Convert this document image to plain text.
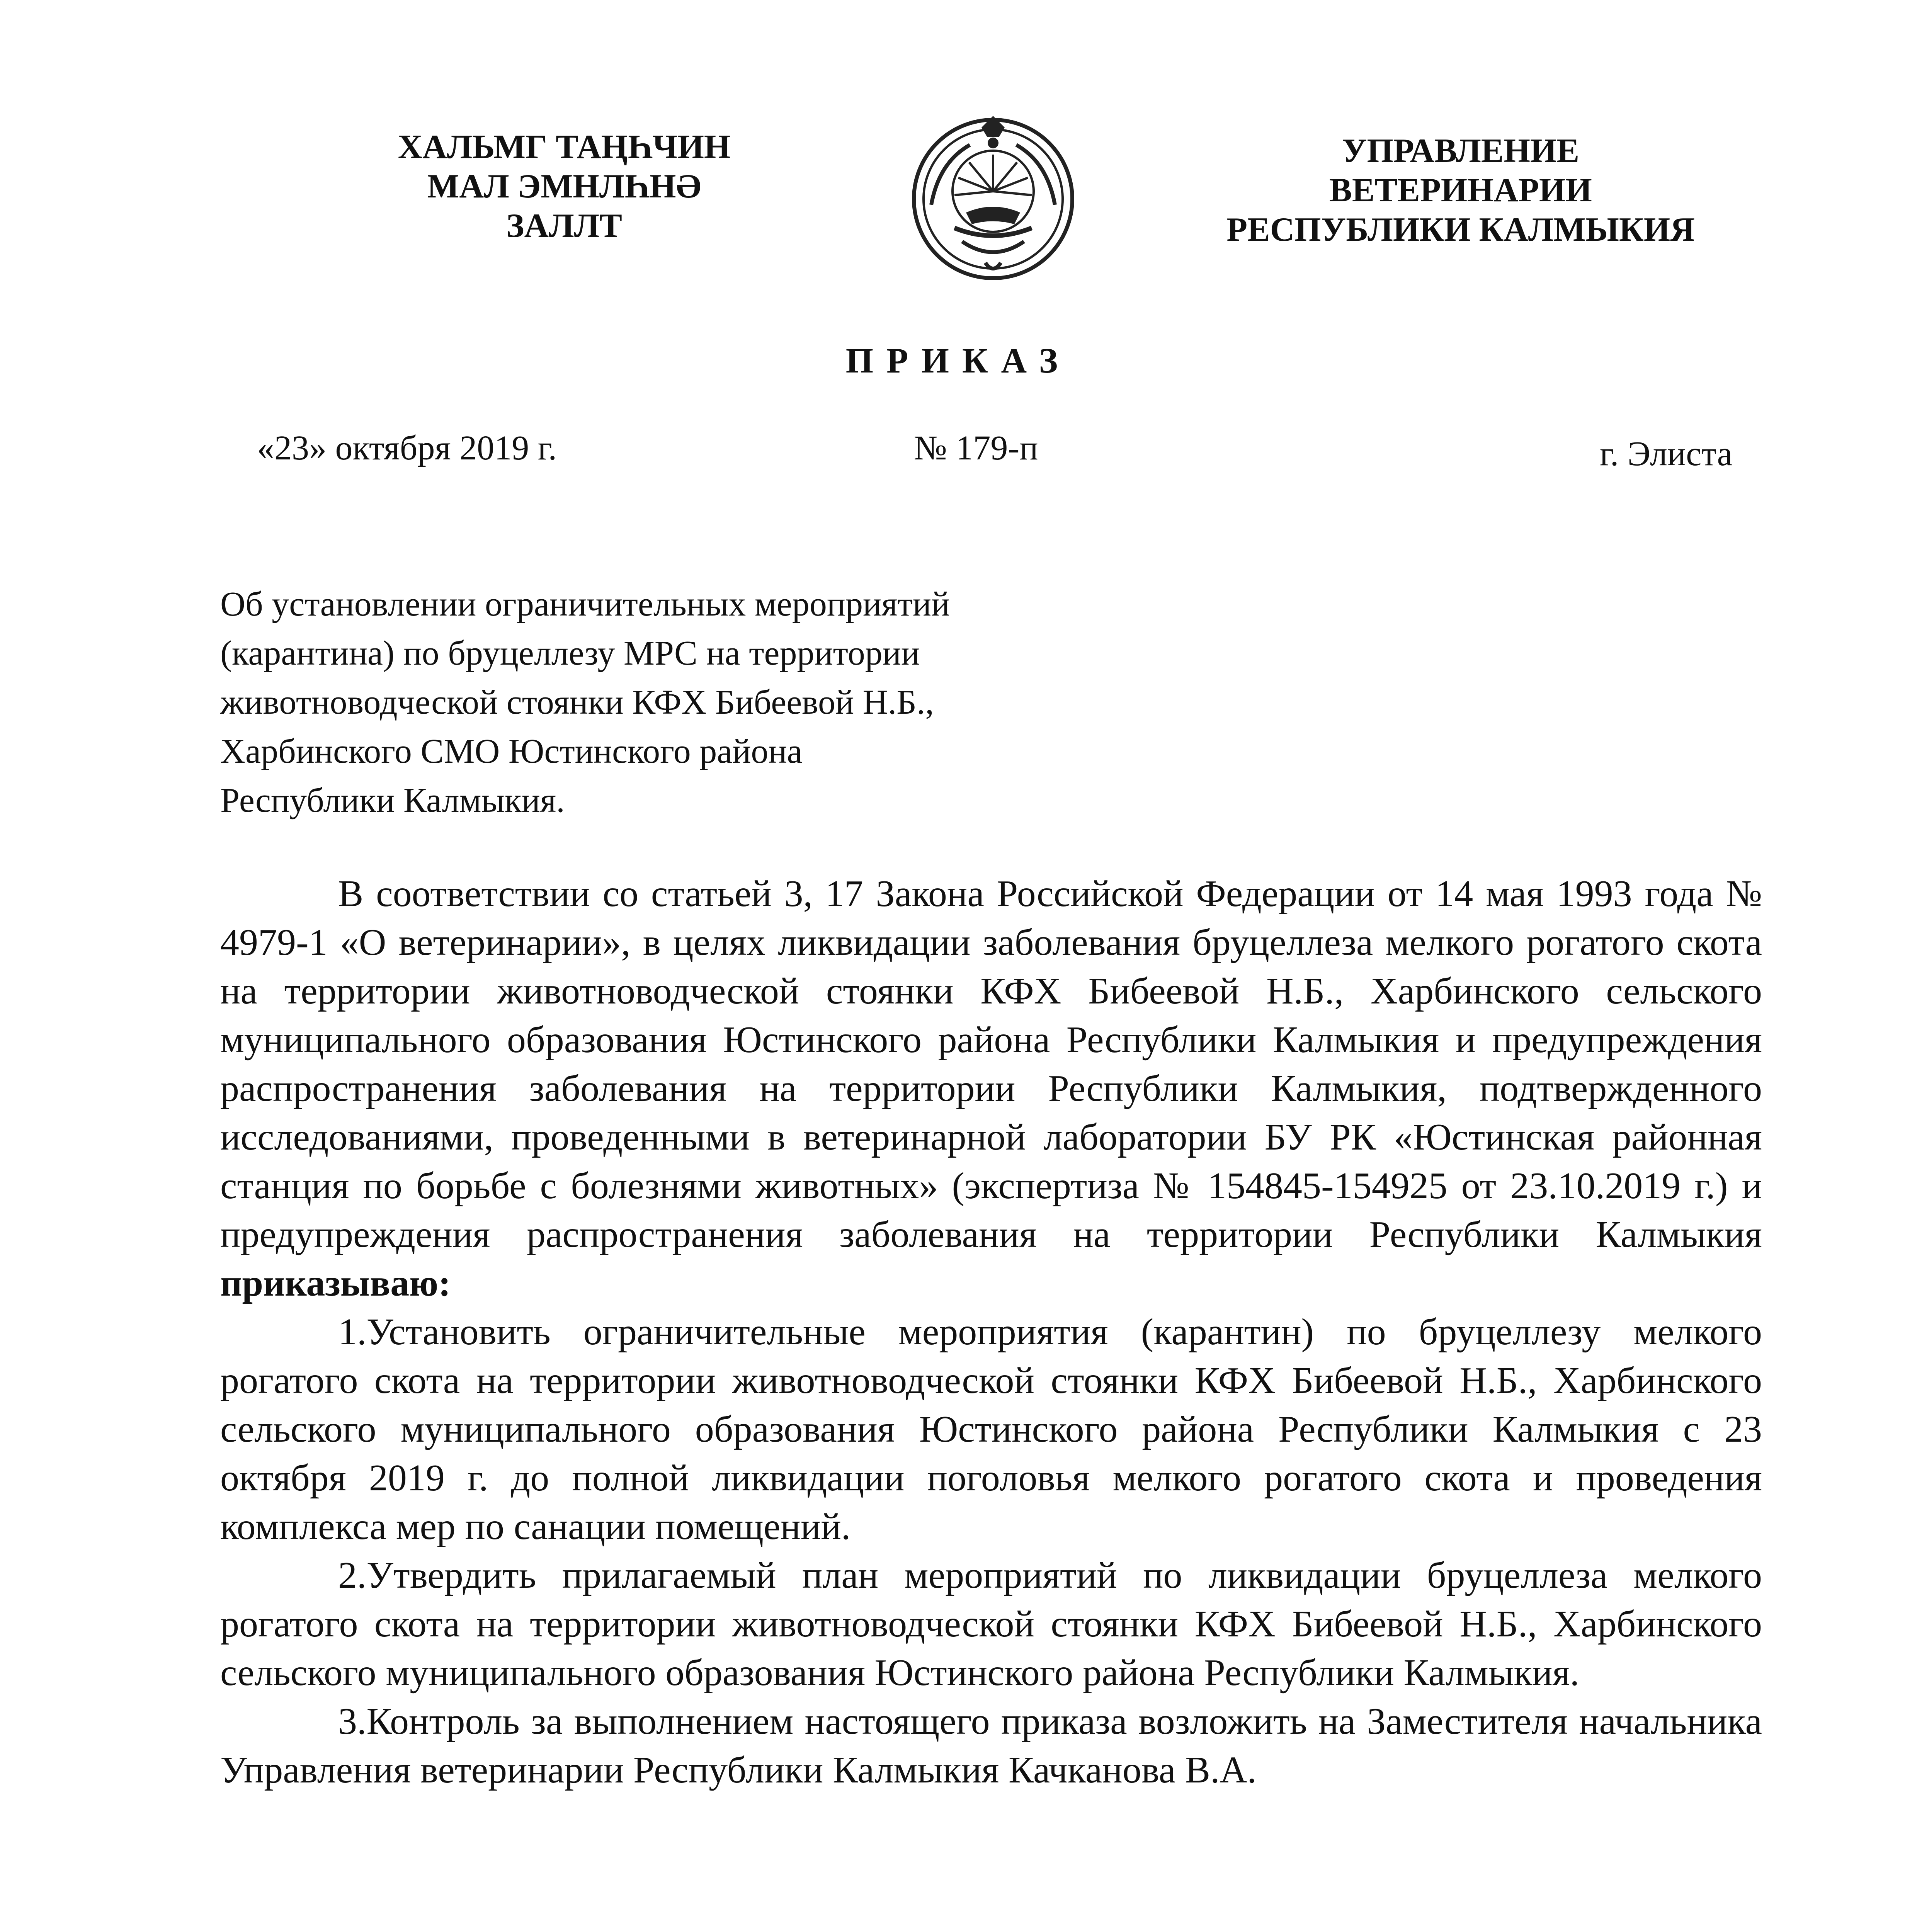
ХАЛЬМГ ТАҢҺЧИН
МАЛ ЭМНЛҺНӘ
ЗАЛЛТ
УПРАВЛЕНИЕ
ВЕТЕРИНАРИИ
РЕСПУБЛИКИ КАЛМЫКИЯ
ПРИКАЗ
«23» октября 2019 г.	№ 179-п	г. Элиста
Об установлении ограничительных мероприятий
(карантина) по бруцеллезу МРС на территории
животноводческой стоянки КФХ Бибеевой Н.Б.,
Харбинского СМО Юстинского района
Республики Калмыкия.

В соответствии со статьей 3, 17 Закона Российской Федерации от 14 мая 1993 года № 4979-1 «О ветеринарии», в целях ликвидации заболевания бруцеллеза мелкого рогатого скота на территории животноводческой стоянки КФХ Бибеевой Н.Б., Харбинского сельского муниципального образования Юстинского района Республики Калмыкия и предупреждения распространения заболевания на территории Республики Калмыкия, подтвержденного исследованиями, проведенными в ветеринарной лаборатории БУ РК «Юстинская районная станция по борьбе с болезнями животных» (экспертиза № 154845-154925 от 23.10.2019 г.) и предупреждения распространения заболевания на территории Республики Калмыкия приказываю:

1.Установить ограничительные мероприятия (карантин) по бруцеллезу мелкого рогатого скота на территории животноводческой стоянки КФХ Бибеевой Н.Б., Харбинского сельского муниципального образования Юстинского района Республики Калмыкия с 23 октября 2019 г. до полной ликвидации поголовья мелкого рогатого скота и проведения комплекса мер по санации помещений.

2.Утвердить прилагаемый план мероприятий по ликвидации бруцеллеза мелкого рогатого скота на территории животноводческой стоянки КФХ Бибеевой Н.Б., Харбинского сельского муниципального образования Юстинского района Республики Калмыкия.

3.Контроль за выполнением настоящего приказа возложить на Заместителя начальника Управления ветеринарии Республики Калмыкия Качканова В.А.
